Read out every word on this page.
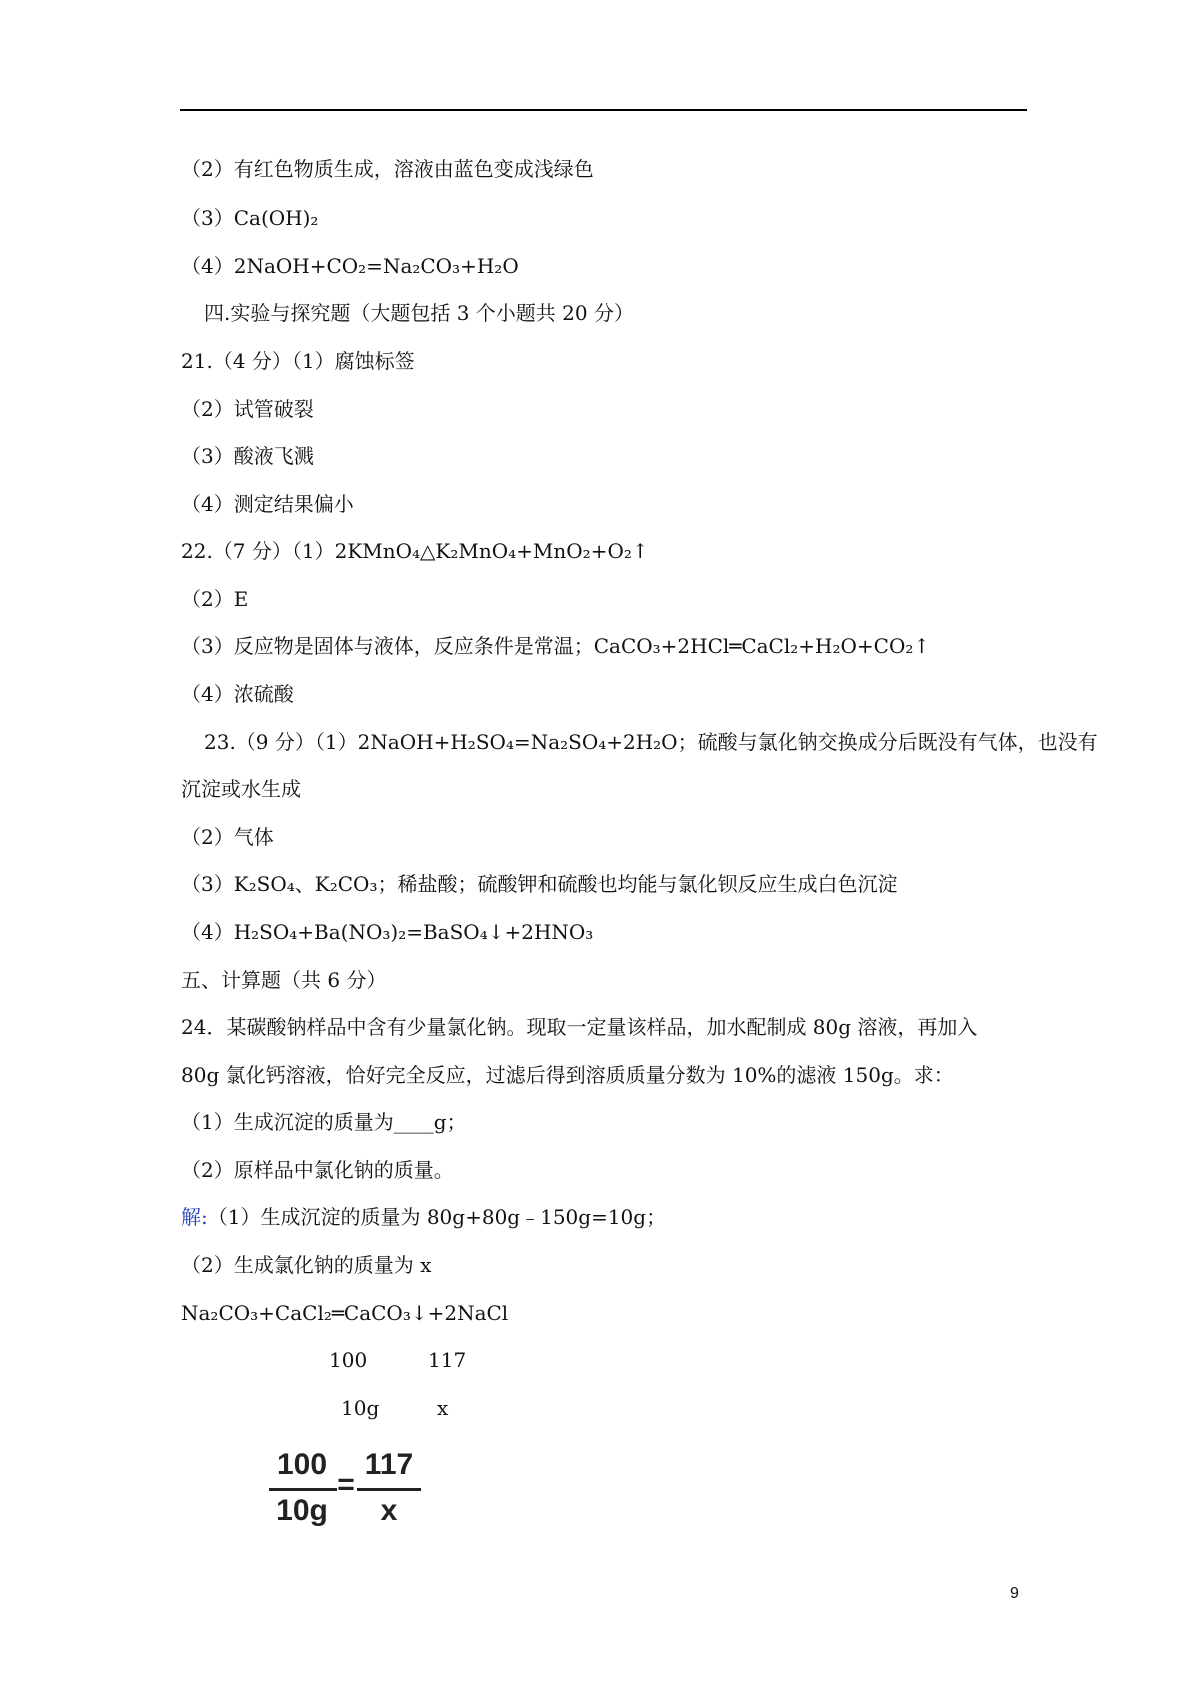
（2）有红色物质生成，溶液由蓝色变成浅绿色
（3）Ca(OH)₂
（4）2NaOH+CO₂=Na₂CO₃+H₂O
四.实验与探究题（大题包括 3 个小题共 20 分）
21.（4 分）（1）腐蚀标签
（2）试管破裂
（3）酸液飞溅
（4）测定结果偏小
22.（7 分）（1）2KMnO₄△K₂MnO₄+MnO₂+O₂↑
（2）E
（3）反应物是固体与液体，反应条件是常温；CaCO₃+2HCl═CaCl₂+H₂O+CO₂↑
（4）浓硫酸
23.（9 分）（1）2NaOH+H₂SO₄=Na₂SO₄+2H₂O；硫酸与氯化钠交换成分后既没有气体，也没有
沉淀或水生成
（2）气体
（3）K₂SO₄、K₂CO₃；稀盐酸；硫酸钾和硫酸也均能与氯化钡反应生成白色沉淀
（4）H₂SO₄+Ba(NO₃)₂=BaSO₄↓+2HNO₃
五、计算题（共 6 分）
24．某碳酸钠样品中含有少量氯化钠。现取一定量该样品，加水配制成 80g 溶液，再加入
80g 氯化钙溶液，恰好完全反应，过滤后得到溶质质量分数为 10%的滤液 150g。求：
（1）生成沉淀的质量为____g；
（2）原样品中氯化钠的质量。
解:（1）生成沉淀的质量为 80g+80g﹣150g=10g；
（2）生成氯化钠的质量为 x
Na₂CO₃+CaCl₂═CaCO₃↓+2NaCl
100	117
10g	x
100
10g
=
117
x
9
